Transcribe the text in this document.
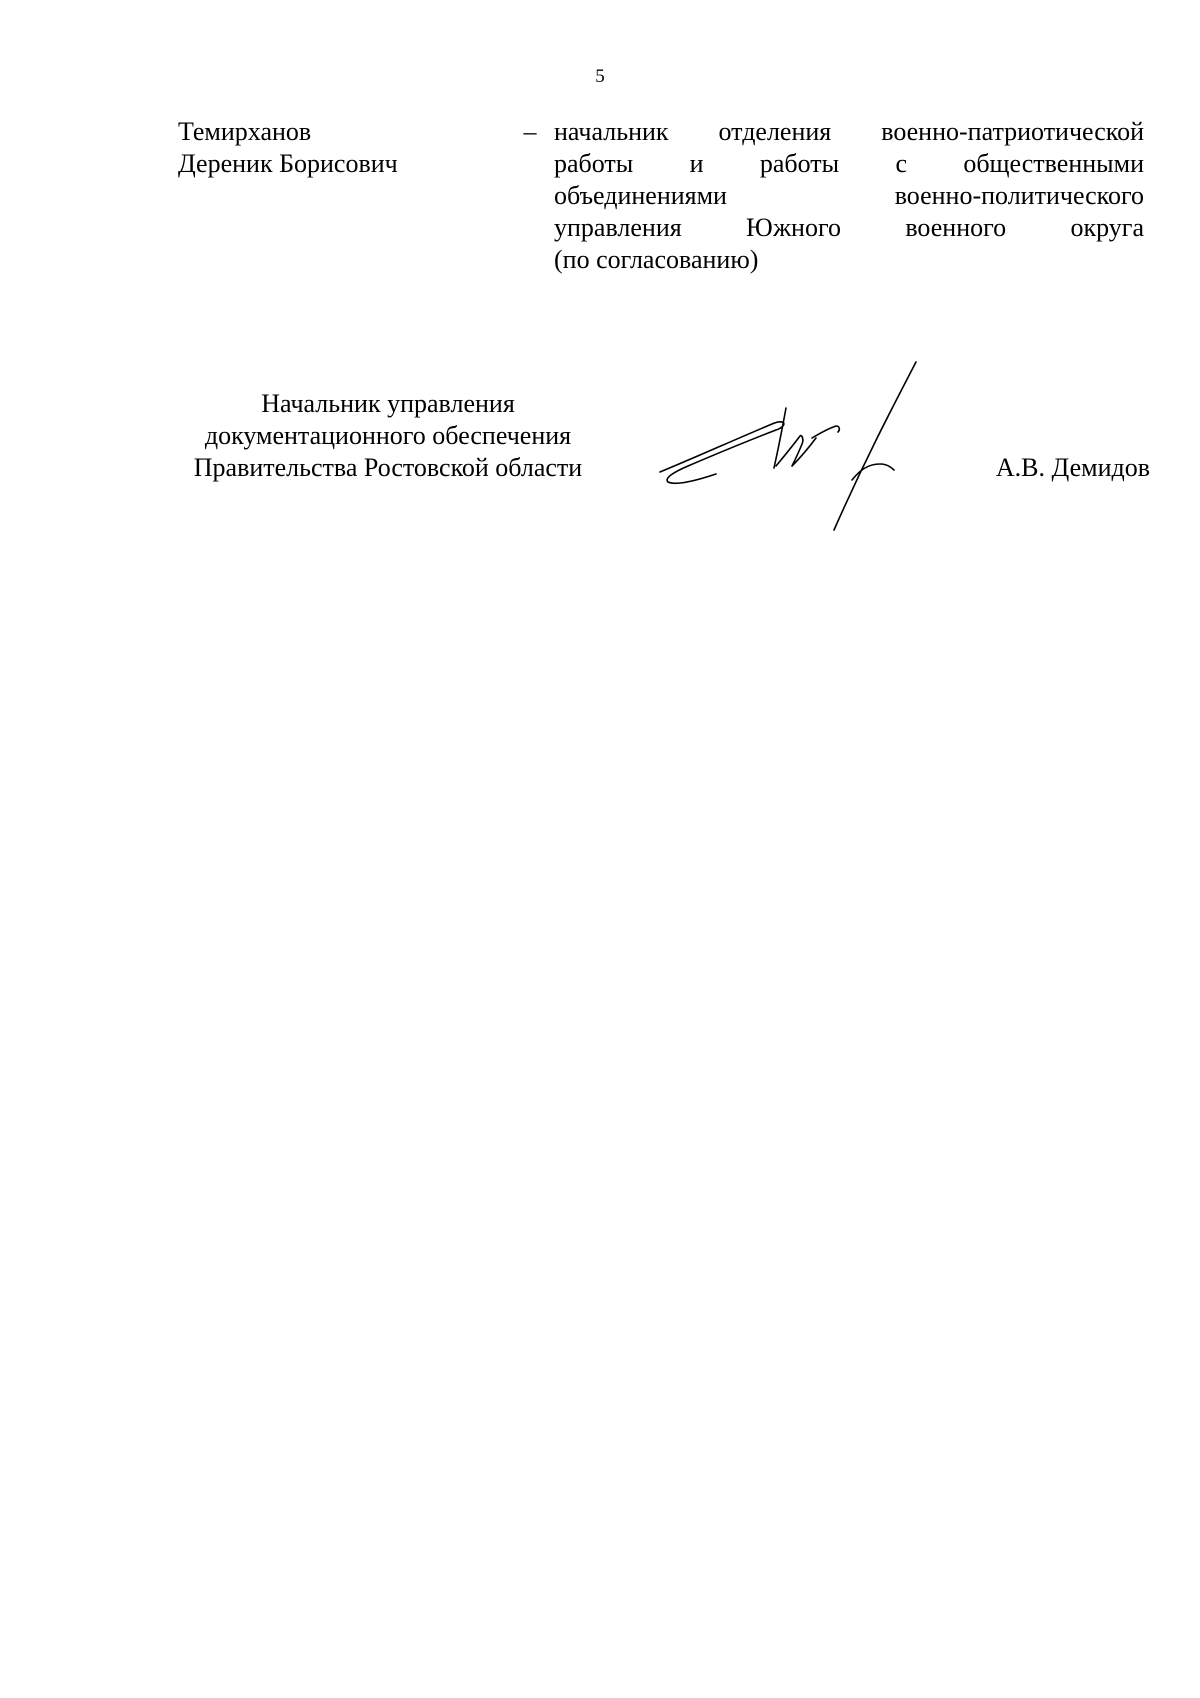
5
Темирханов
Дереник Борисович
– начальник отделения военно-патриотической
работы и работы с общественными
объединениями	военно-политического
управления Южного военного округа
(по согласованию)
Начальник управления
документационного обеспечения
Правительства Ростовской области	А.В. Демидов
